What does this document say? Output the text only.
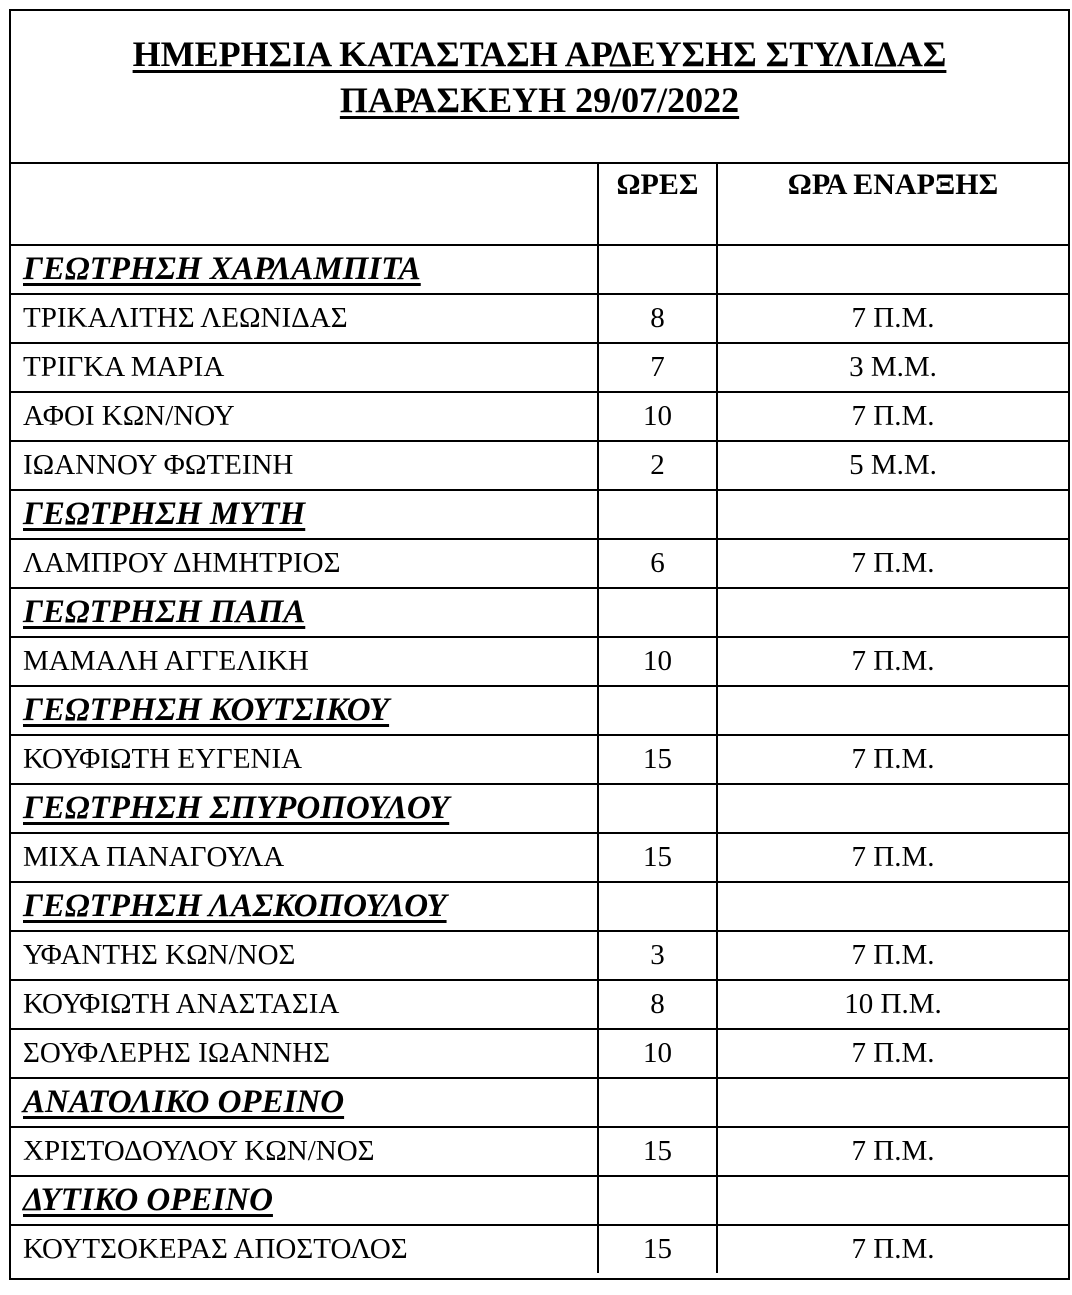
ΗΜΕΡΗΣΙΑ ΚΑΤΑΣΤΑΣΗ ΑΡΔΕΥΣΗΣ ΣΤΥΛΙΔΑΣ
ΠΑΡΑΣΚΕΥΗ 29/07/2022
	ΩΡΕΣ	ΩΡΑ ΕΝΑΡΞΗΣ
ΓΕΩΤΡΗΣΗ ΧΑΡΛΑΜΠΙΤΑ		
ΤΡΙΚΑΛΙΤΗΣ ΛΕΩΝΙΔΑΣ	8	7 Π.Μ.
ΤΡΙΓΚΑ ΜΑΡΙΑ	7	3 Μ.Μ.
ΑΦΟΙ ΚΩΝ/ΝΟΥ	10	7 Π.Μ.
ΙΩΑΝΝΟΥ ΦΩΤΕΙΝΗ	2	5 Μ.Μ.
ΓΕΩΤΡΗΣΗ ΜΥΤΗ		
ΛΑΜΠΡΟΥ ΔΗΜΗΤΡΙΟΣ	6	7 Π.Μ.
ΓΕΩΤΡΗΣΗ ΠΑΠΑ		
ΜΑΜΑΛΗ ΑΓΓΕΛΙΚΗ	10	7 Π.Μ.
ΓΕΩΤΡΗΣΗ ΚΟΥΤΣΙΚΟΥ		
ΚΟΥΦΙΩΤΗ ΕΥΓΕΝΙΑ	15	7 Π.Μ.
ΓΕΩΤΡΗΣΗ ΣΠΥΡΟΠΟΥΛΟΥ		
ΜΙΧΑ ΠΑΝΑΓΟΥΛΑ	15	7 Π.Μ.
ΓΕΩΤΡΗΣΗ ΛΑΣΚΟΠΟΥΛΟΥ		
ΥΦΑΝΤΗΣ ΚΩΝ/ΝΟΣ	3	7 Π.Μ.
ΚΟΥΦΙΩΤΗ ΑΝΑΣΤΑΣΙΑ	8	10 Π.Μ.
ΣΟΥΦΛΕΡΗΣ ΙΩΑΝΝΗΣ	10	7 Π.Μ.
ΑΝΑΤΟΛΙΚΟ ΟΡΕΙΝΟ		
ΧΡΙΣΤΟΔΟΥΛΟΥ ΚΩΝ/ΝΟΣ	15	7 Π.Μ.
ΔΥΤΙΚΟ ΟΡΕΙΝΟ		
ΚΟΥΤΣΟΚΕΡΑΣ ΑΠΟΣΤΟΛΟΣ	15	7 Π.Μ.
